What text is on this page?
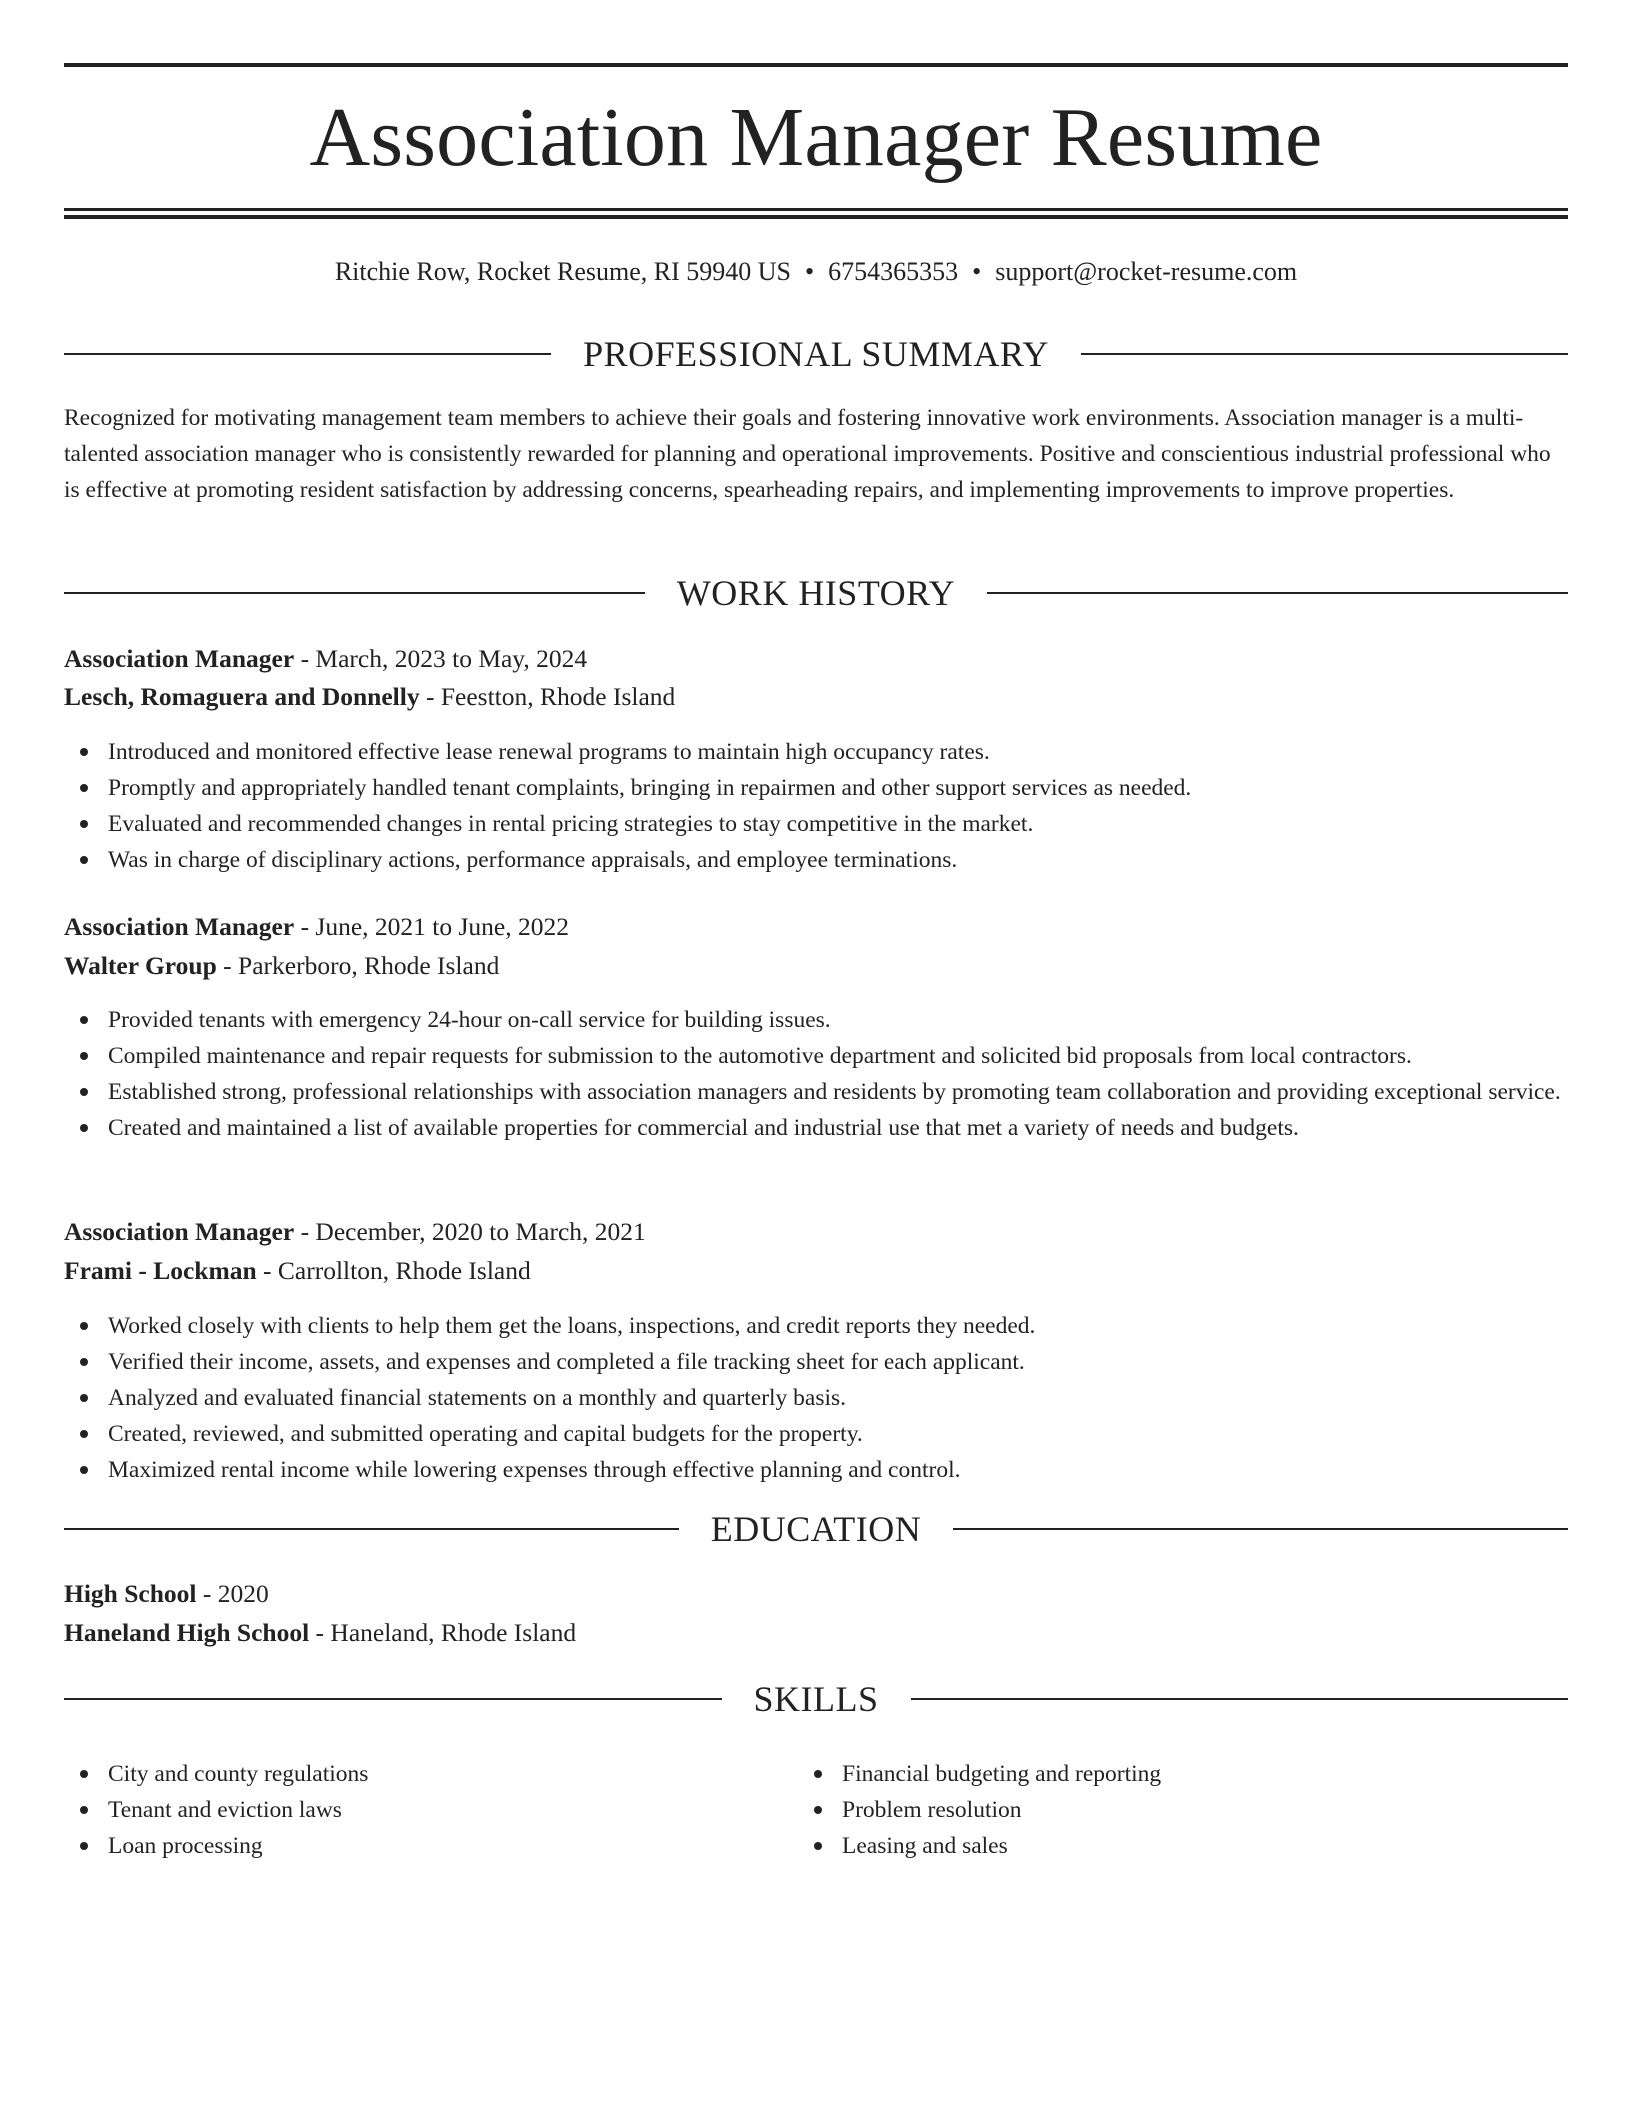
Association Manager Resume
Ritchie Row, Rocket Resume, RI 59940 US • 6754365353 • support@rocket-resume.com
PROFESSIONAL SUMMARY

Recognized for motivating management team members to achieve their goals and fostering innovative work environments. Association manager is a multi-talented association manager who is consistently rewarded for planning and operational improvements. Positive and conscientious industrial professional who is effective at promoting resident satisfaction by addressing concerns, spearheading repairs, and implementing improvements to improve properties.

WORK HISTORY
Association Manager - March, 2023 to May, 2024
Lesch, Romaguera and Donnelly - Feestton, Rhode Island
Introduced and monitored effective lease renewal programs to maintain high occupancy rates.
Promptly and appropriately handled tenant complaints, bringing in repairmen and other support services as needed.
Evaluated and recommended changes in rental pricing strategies to stay competitive in the market.
Was in charge of disciplinary actions, performance appraisals, and employee terminations.
Association Manager - June, 2021 to June, 2022
Walter Group - Parkerboro, Rhode Island
Provided tenants with emergency 24-hour on-call service for building issues.
Compiled maintenance and repair requests for submission to the automotive department and solicited bid proposals from local contractors.
Established strong, professional relationships with association managers and residents by promoting team collaboration and providing exceptional service.
Created and maintained a list of available properties for commercial and industrial use that met a variety of needs and budgets.
Association Manager - December, 2020 to March, 2021
Frami - Lockman - Carrollton, Rhode Island
Worked closely with clients to help them get the loans, inspections, and credit reports they needed.
Verified their income, assets, and expenses and completed a file tracking sheet for each applicant.
Analyzed and evaluated financial statements on a monthly and quarterly basis.
Created, reviewed, and submitted operating and capital budgets for the property.
Maximized rental income while lowering expenses through effective planning and control.
EDUCATION
High School - 2020
Haneland High School - Haneland, Rhode Island
SKILLS
City and county regulations
Tenant and eviction laws
Loan processing
Financial budgeting and reporting
Problem resolution
Leasing and sales
